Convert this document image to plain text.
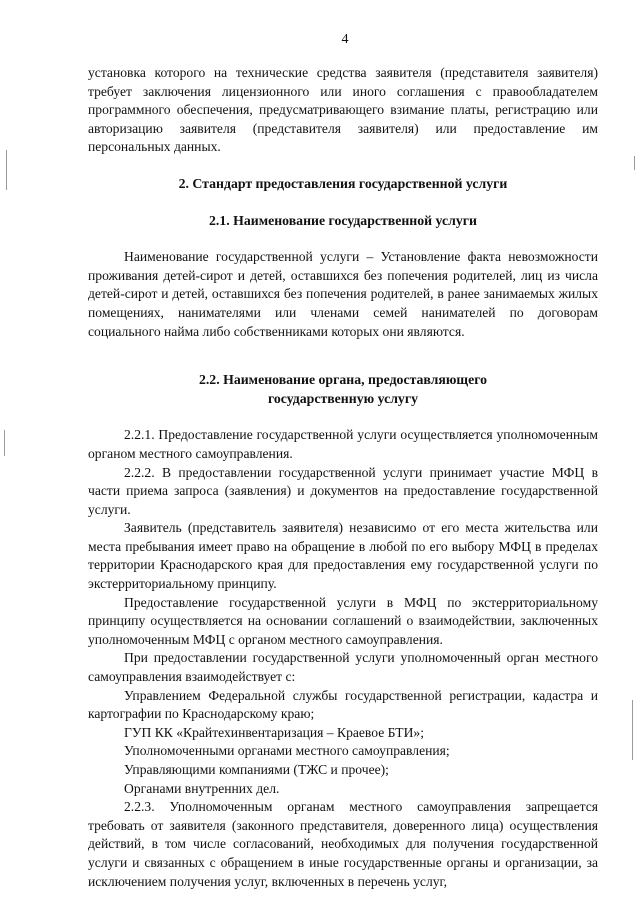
4

установка которого на технические средства заявителя (представителя заявителя) требует заключения лицензионного или иного соглашения с правообладателем программного обеспечения, предусматривающего взимание платы, регистрацию или авторизацию заявителя (представителя заявителя) или предоставление им персональных данных.

2. Стандарт предоставления государственной услуги
2.1. Наименование государственной услуги

Наименование государственной услуги – Установление факта невозможности проживания детей-сирот и детей, оставшихся без попечения родителей, лиц из числа детей-сирот и детей, оставшихся без попечения родителей, в ранее занимаемых жилых помещениях, нанимателями или членами семей нанимателей по договорам социального найма либо собственниками которых они являются.

2.2. Наименование органа, предоставляющего
государственную услугу

2.2.1. Предоставление государственной услуги осуществляется уполномоченным органом местного самоуправления.

2.2.2. В предоставлении государственной услуги принимает участие МФЦ в части приема запроса (заявления) и документов на предоставление государственной услуги.

Заявитель (представитель заявителя) независимо от его места жительства или места пребывания имеет право на обращение в любой по его выбору МФЦ в пределах территории Краснодарского края для предоставления ему государственной услуги по экстерриториальному принципу.

Предоставление государственной услуги в МФЦ по экстерриториальному принципу осуществляется на основании соглашений о взаимодействии, заключенных уполномоченным МФЦ с органом местного самоуправления.

При предоставлении государственной услуги уполномоченный орган местного самоуправления взаимодействует с:

Управлением Федеральной службы государственной регистрации, кадастра и картографии по Краснодарскому краю;

ГУП КК «Крайтехинвентаризация – Краевое БТИ»;

Уполномоченными органами местного самоуправления;

Управляющими компаниями (ТЖС и прочее);

Органами внутренних дел.

2.2.3. Уполномоченным органам местного самоуправления запрещается требовать от заявителя (законного представителя, доверенного лица) осуществления действий, в том числе согласований, необходимых для получения государственной услуги и связанных с обращением в иные государственные органы и организации, за исключением получения услуг, включенных в перечень услуг,
